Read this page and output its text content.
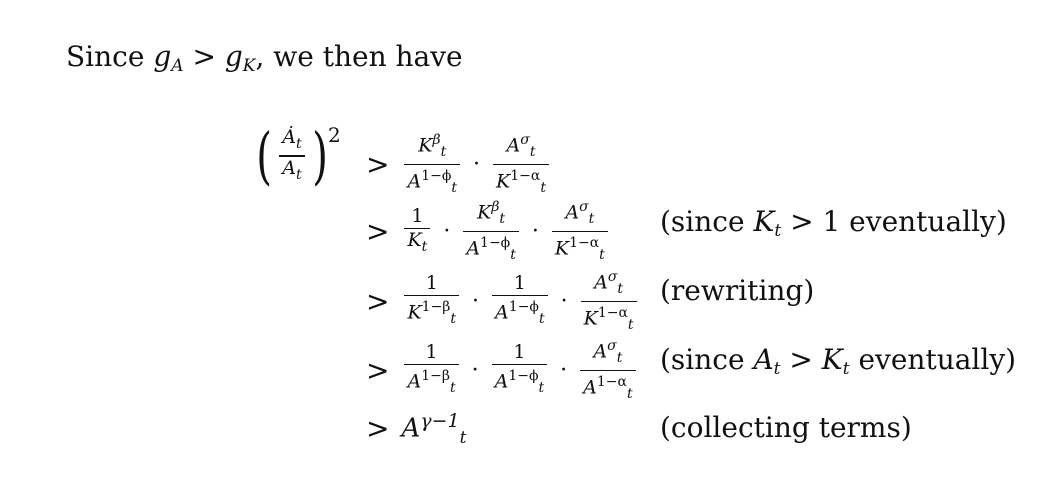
Since $g_A > g_K$, we then have
( $\frac{Ȧ_t}{A_t}$ ) 2
> $\frac{K^\beta_t}{A^{1-\phi}_t} \cdot \frac{A^\sigma_t}{K^{1-\alpha}_t}$
> $\frac{1}{K_t} \cdot \frac{K^\beta_t}{A^{1-\phi}_t} \cdot \frac{A^\sigma_t}{K^{1-\alpha}_t}$ (since $K_t > 1$ eventually)
> $\frac{1}{K^{1-\beta}_t} \cdot \frac{1}{A^{1-\phi}_t} \cdot \frac{A^\sigma_t}{K^{1-\alpha}_t}$ (rewriting)
> $\frac{1}{A^{1-\beta}_t} \cdot \frac{1}{A^{1-\phi}_t} \cdot \frac{A^\sigma_t}{A^{1-\alpha}_t}$ (since $A_t > K_t$ eventually)
> $A^{\gamma-1}_t$	(collecting terms)
